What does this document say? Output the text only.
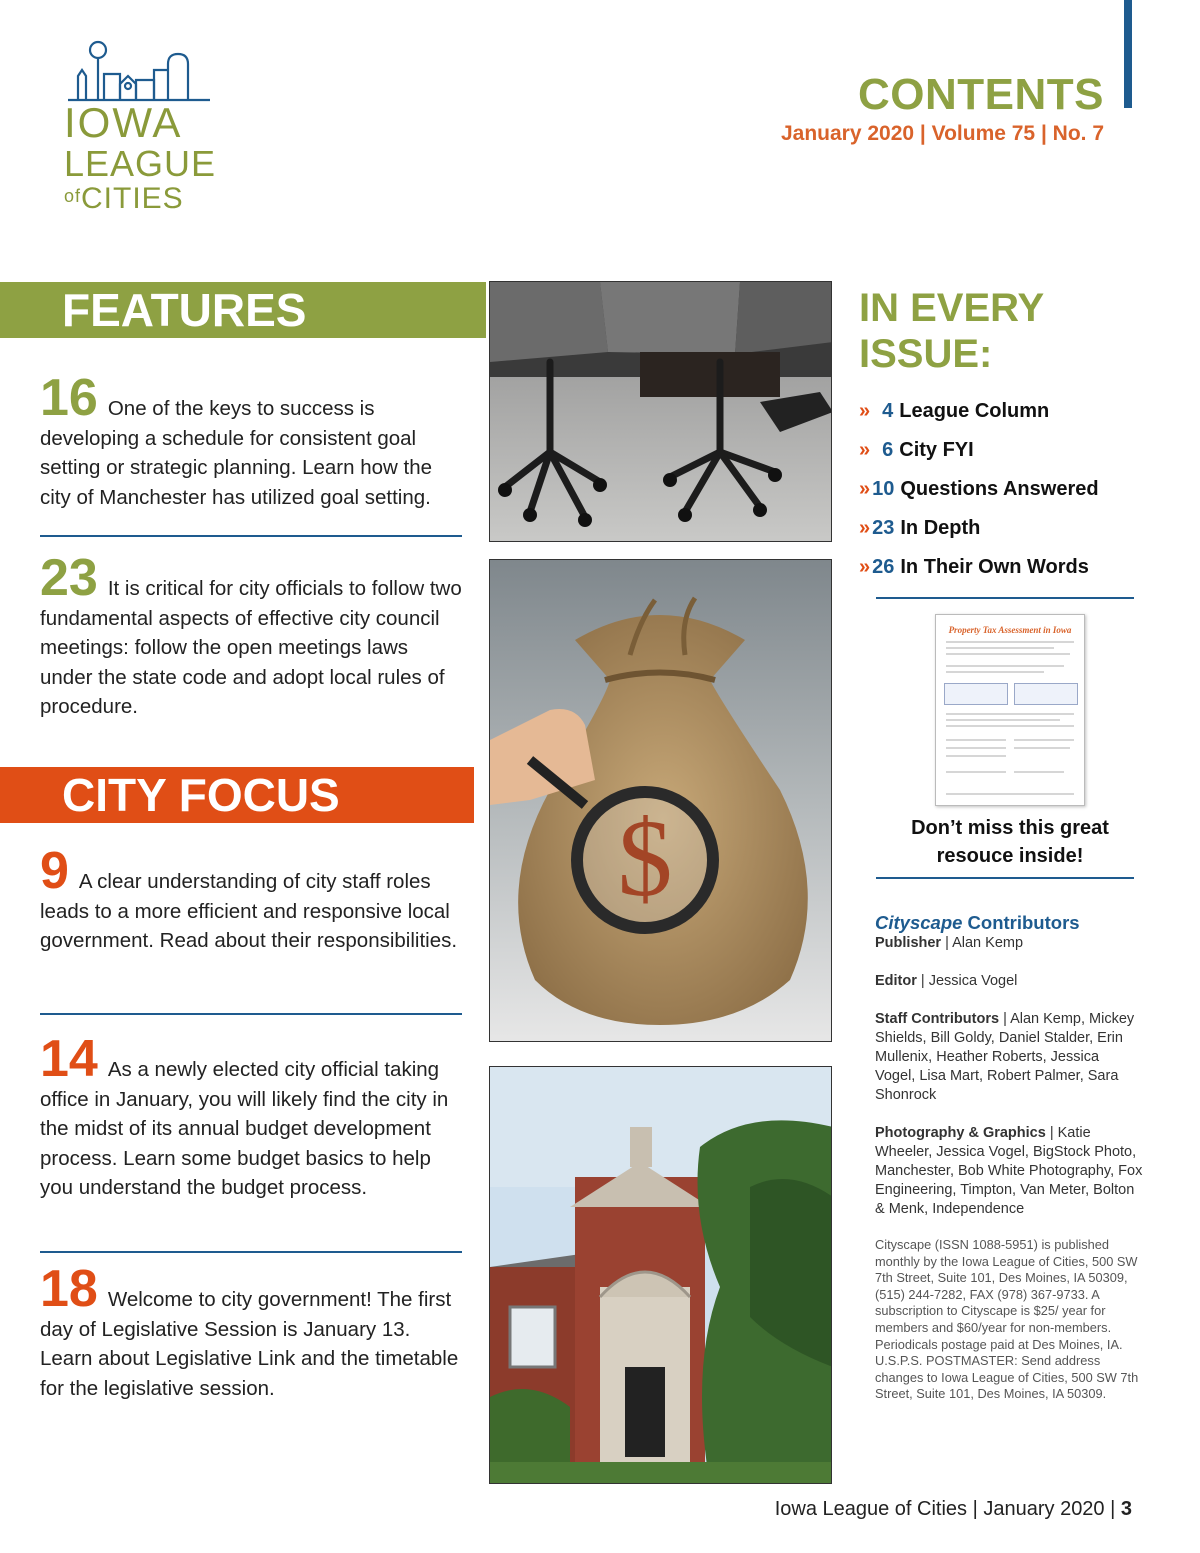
IOWA
LEAGUE
$^{of}$CITIES
CONTENTS
January 2020 | Volume 75 | No. 7
FEATURES
16 One of the keys to success is developing a schedule for consistent goal setting or strategic planning. Learn how the city of Manchester has utilized goal setting.
23 It is critical for city officials to follow two fundamental aspects of effective city council meetings: follow the open meetings laws under the state code and adopt local rules of procedure.
CITY FOCUS
9 A clear understanding of city staff roles leads to a more efficient and responsive local government. Read about their responsibilities.
14 As a newly elected city official taking office in January, you will likely find the city in the midst of its annual budget development process. Learn some budget basics to help you understand the budget process.
18 Welcome to city government! The first day of Legislative Session is January 13. Learn about Legislative Link and the timetable for the legislative session.
$
IN EVERY
ISSUE:
» 4 League Column
» 6 City FYI
» 10 Questions Answered
» 23 In Depth
» 26 In Their Own Words
Property Tax Assessment in Iowa
Don’t miss this great
resouce inside!
Cityscape Contributors

Publisher | Alan Kemp

Editor | Jessica Vogel

Staff Contributors | Alan Kemp, Mickey Shields, Bill Goldy, Daniel Stalder, Erin Mullenix, Heather Roberts, Jessica Vogel, Lisa Mart, Robert Palmer, Sara Shonrock

Photography & Graphics | Katie Wheeler, Jessica Vogel, BigStock Photo, Manchester, Bob White Photography, Fox Engineering, Timpton, Van Meter, Bolton & Menk, Independence

Cityscape (ISSN 1088-5951) is published monthly by the Iowa League of Cities, 500 SW 7th Street, Suite 101, Des Moines, IA 50309, (515) 244-7282, FAX (978) 367-9733. A subscription to Cityscape is $25/ year for members and $60/year for non-members. Periodicals postage paid at Des Moines, IA. U.S.P.S. POSTMASTER: Send address changes to Iowa League of Cities, 500 SW 7th Street, Suite 101, Des Moines, IA 50309.
Iowa League of Cities | January 2020 | 3
